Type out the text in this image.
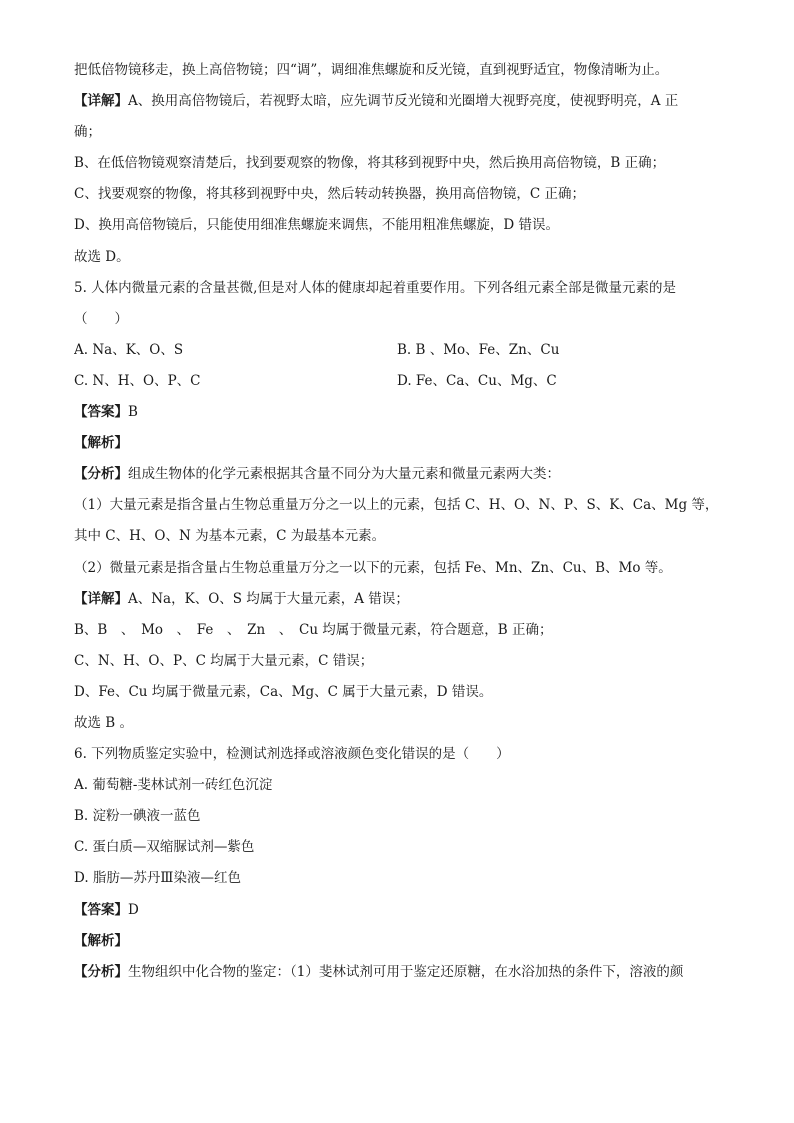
把低倍物镜移走，换上高倍物镜；四“调”，调细准焦螺旋和反光镜，直到视野适宜，物像清晰为止。
【详解】A、换用高倍物镜后，若视野太暗，应先调节反光镜和光圈增大视野亮度，使视野明亮，A 正
确；
B、在低倍物镜观察清楚后，找到要观察的物像，将其移到视野中央，然后换用高倍物镜，B 正确；
C、找要观察的物像，将其移到视野中央，然后转动转换器，换用高倍物镜，C 正确；
D、换用高倍物镜后，只能使用细准焦螺旋来调焦，不能用粗准焦螺旋，D 错误。
故选 D。
5. 人体内微量元素的含量甚微,但是对人体的健康却起着重要作用。下列各组元素全部是微量元素的是
（　　）
A. Na、K、O、S	B. B 、Mo、Fe、Zn、Cu
C. N、H、O、P、C	D. Fe、Ca、Cu、Mg、C
【答案】B
【解析】
【分析】组成生物体的化学元素根据其含量不同分为大量元素和微量元素两大类：
（1）大量元素是指含量占生物总重量万分之一以上的元素，包括 C、H、O、N、P、S、K、Ca、Mg 等，
其中 C、H、O、N 为基本元素，C 为最基本元素。
（2）微量元素是指含量占生物总重量万分之一以下的元素，包括 Fe、Mn、Zn、Cu、B、Mo 等。
【详解】A、Na，K、O、S 均属于大量元素，A 错误；
B、B　、　Mo　、　Fe　、　Zn　、　Cu 均属于微量元素，符合题意，B 正确；
C、N、H、O、P、C 均属于大量元素，C 错误；
D、Fe、Cu 均属于微量元素，Ca、Mg、C 属于大量元素，D 错误。
故选 B 。
6. 下列物质鉴定实验中，检测试剂选择或溶液颜色变化错误的是（　　）
A. 葡萄糖-斐林试剂一砖红色沉淀
B. 淀粉一碘液一蓝色
C. 蛋白质—双缩脲试剂—紫色
D. 脂肪—苏丹Ⅲ染液—红色
【答案】D
【解析】
【分析】生物组织中化合物的鉴定：（1）斐林试剂可用于鉴定还原糖，在水浴加热的条件下，溶液的颜
